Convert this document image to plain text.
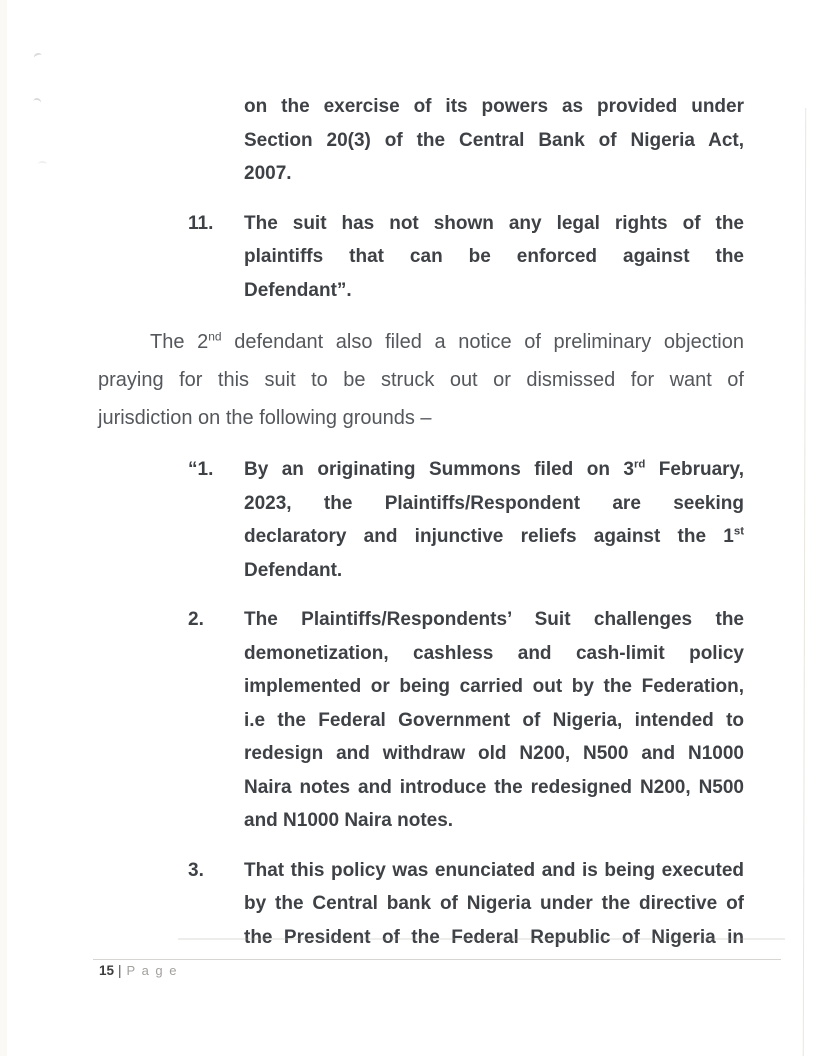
on the exercise of its powers as provided under
Section 20(3) of the Central Bank of Nigeria Act,
2007.
11.	The suit has not shown any legal rights of the
plaintiffs that can be enforced against the
Defendant”.
The 2nd defendant also filed a notice of preliminary objection
praying for this suit to be struck out or dismissed for want of
jurisdiction on the following grounds –
“1.	By an originating Summons filed on 3rd February,
2023, the Plaintiffs/Respondent are seeking
declaratory and injunctive reliefs against the 1st
Defendant.
2.	The Plaintiffs/Respondents’ Suit challenges the
demonetization, cashless and cash-limit policy
implemented or being carried out by the Federation,
i.e the Federal Government of Nigeria, intended to
redesign and withdraw old N200, N500 and N1000
Naira notes and introduce the redesigned N200, N500
and N1000 Naira notes.
3.	That this policy was enunciated and is being executed
by the Central bank of Nigeria under the directive of
the President of the Federal Republic of Nigeria in
15 | P a g e
